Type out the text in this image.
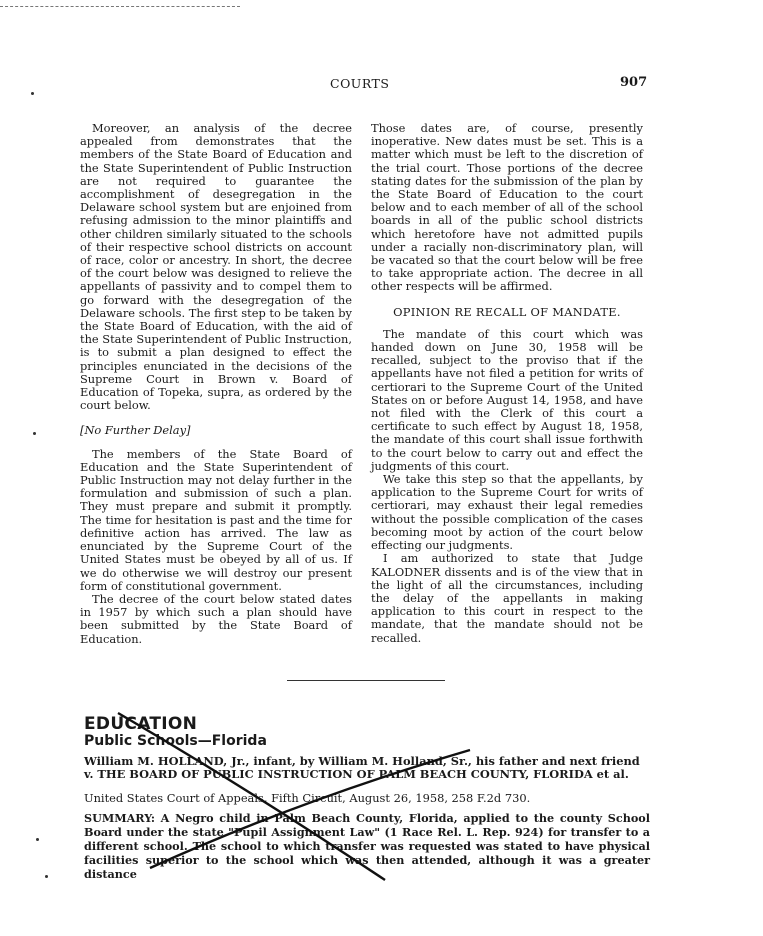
COURTS	907

Moreover, an analysis of the decree appealed from demonstrates that the members of the State Board of Education and the State Superintendent of Public Instruction are not required to guarantee the accomplishment of desegregation in the Delaware school system but are enjoined from refusing admission to the minor plaintiffs and other children similarly situated to the schools of their respective school districts on account of race, color or ancestry. In short, the decree of the court below was designed to relieve the appellants of passivity and to compel them to go forward with the desegregation of the Delaware schools. The first step to be taken by the State Board of Education, with the aid of the State Superintendent of Public Instruction, is to submit a plan designed to effect the principles enunciated in the decisions of the Supreme Court in Brown v. Board of Education of Topeka, supra, as ordered by the court below.

[No Further Delay]

The members of the State Board of Education and the State Superintendent of Public Instruction may not delay further in the formulation and submission of such a plan. They must prepare and submit it promptly. The time for hesitation is past and the time for definitive action has arrived. The law as enunciated by the Supreme Court of the United States must be obeyed by all of us. If we do otherwise we will destroy our present form of constitutional government.

The decree of the court below stated dates in 1957 by which such a plan should have been submitted by the State Board of Education.

Those dates are, of course, presently inoperative. New dates must be set. This is a matter which must be left to the discretion of the trial court. Those portions of the decree stating dates for the submission of the plan by the State Board of Education to the court below and to each member of all of the school boards in all of the public school districts which heretofore have not admitted pupils under a racially non-discriminatory plan, will be vacated so that the court below will be free to take appropriate action. The decree in all other respects will be affirmed.

OPINION RE RECALL OF MANDATE.

The mandate of this court which was handed down on June 30, 1958 will be recalled, subject to the proviso that if the appellants have not filed a petition for writs of certiorari to the Supreme Court of the United States on or before August 14, 1958, and have not filed with the Clerk of this court a certificate to such effect by August 18, 1958, the mandate of this court shall issue forthwith to the court below to carry out and effect the judgments of this court.

We take this step so that the appellants, by application to the Supreme Court for writs of certiorari, may exhaust their legal remedies without the possible complication of the cases becoming moot by action of the court below effecting our judgments.

I am authorized to state that Judge KALODNER dissents and is of the view that in the light of all the circumstances, including the delay of the appellants in making application to this court in respect to the mandate, that the mandate should not be recalled.

EDUCATION
Public Schools—Florida
William M. HOLLAND, Jr., infant, by William M. Holland, Sr., his father and next friend v. THE BOARD OF PUBLIC INSTRUCTION OF PALM BEACH COUNTY, FLORIDA et al.
United States Court of Appeals, Fifth Circuit, August 26, 1958, 258 F.2d 730.
SUMMARY: A Negro child in Palm Beach County, Florida, applied to the county School Board under the state "Pupil Assignment Law" (1 Race Rel. L. Rep. 924) for transfer to a different school. The school to which transfer was requested was stated to have physical facilities superior to the school which was then attended, although it was a greater distance
